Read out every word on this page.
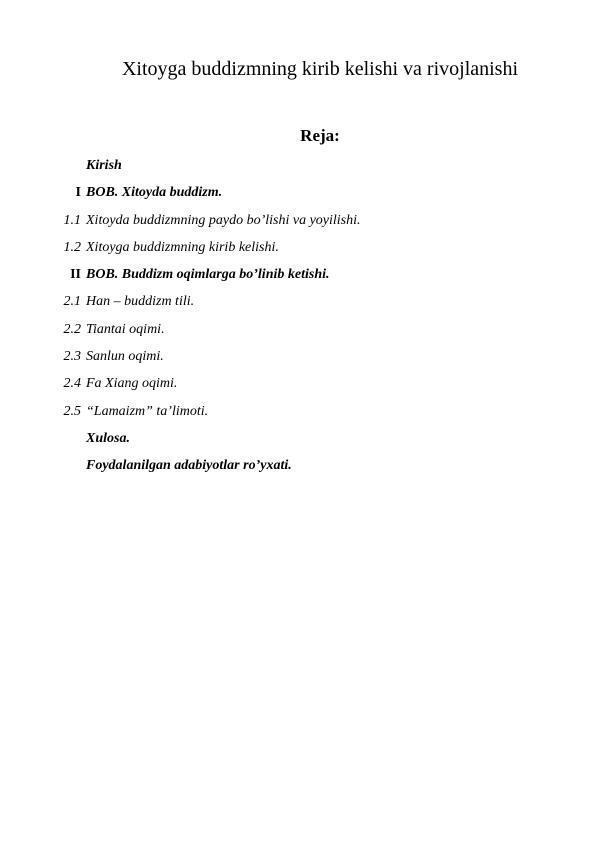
Xitoyga buddizmning kirib kelishi va rivojlanishi
Reja:
Kirish
I BOB. Xitoyda buddizm.
1.1 Xitoyda buddizmning paydo bo’lishi va yoyilishi.
1.2 Xitoyga buddizmning kirib kelishi.
II BOB. Buddizm oqimlarga bo’linib ketishi.
2.1 Han – buddizm tili.
2.2 Tiantai oqimi.
2.3 Sanlun oqimi.
2.4 Fa Xiang oqimi.
2.5 “Lamaizm” ta’limoti.
Xulosa.
Foydalanilgan adabiyotlar ro’yxati.
